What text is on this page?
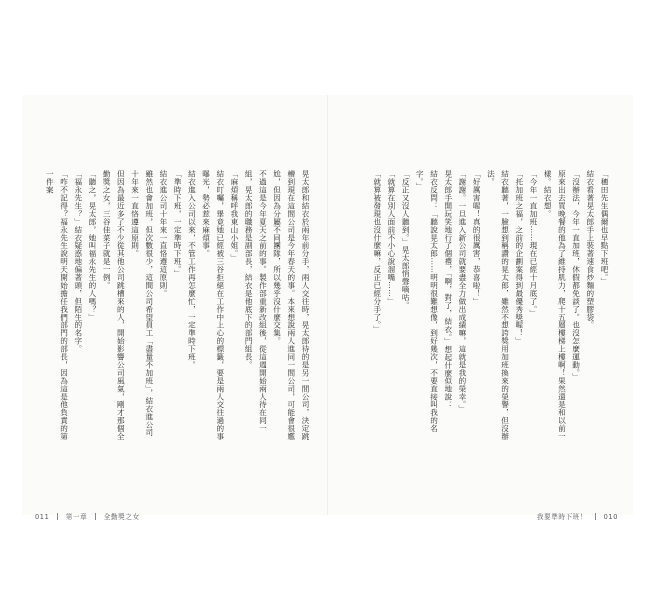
「穗田先生偶爾也早點下班吧。」

結衣看著晃太郎手上裝著速食炒麵的塑膠袋。

「沒辦法，今年一直加班，休假都免談了。也沒怎麼運動。」

原來出去買晚餐的他為了維持肌力，爬十五層樓梯上樓啊！果然還是和以前一樣。結衣想。

「今年一直加班……現在已經十月底了。」

「托加班之福，之前的企劃案得到最優秀獎喔！」

結衣聽著，一臉想到稱讚的晃太郎，雖然不想誇獎用加班換來的榮譽，但沒辦法。

「好厲害喔！真的很厲害，恭喜啦！」

「謝謝。一旦進入新公司就要盡全力做出成績嘛，這就是我的榮幸。」

晃太郎手開玩笑地行了個禮，「啊，對了，結衣。」想起什麼似地說：

結衣反問：「聽說晃太郎……明明很難想像，到好幾次，不要直接叫我的名字。」

「反正又沒人聽到。」晃太郎悄聲嘀咕。

「就算在別人面前不小心說溜嘴……」

「就算被發現也沒什麼嘛，反正已經分手了。」

晃太郎和結衣於兩年前分手，兩人交往時，晃太郎待的是另一間公司，決定跳槽到現在這間公司是今年春天的事。本來想說兩人進同一間公司，可能會很尷尬，但因為分屬不同團隊，所以幾乎沒什麼交集。

不過這是今年夏天之前的事。製作部重新改組後，從這週開始兩人待在同一組，晃太郎的職務是副部長，結衣是他底下的部門組長。

「麻煩稱呼我東山小姐。」

結衣叮囑，畢竟她已經被三谷拒絕在工作中上心的標籤，要是兩人交往過的事曝光，勢必惹來麻煩事。

結衣進入公司以來，不管工作再怎麼忙，一定準時下班。

「準時下班，一定準時下班。」

結衣進公司十年來一直恪遵這原則。

雖然也會加班，但次數很少，這間公司希望員工「盡量不加班」，結衣進公司十年來一直恪遵這原則。

但因為最近多了不少從其他公司跳槽來的人，開始影響公司風氣，剛才那個全勤獎之女，三谷佳菜子就是一例。

「聽之，晃太郎，她叫福永先生的人嗎？」

「福永先生？」結衣疑惑地偏著頭，但陌生的名字。

「咋不記得？福永先生說明天開始擔任我們部門的部長，因為這是他負責的第一件案

011 第一章 全勤獎之女	我要準時下班！ 010
